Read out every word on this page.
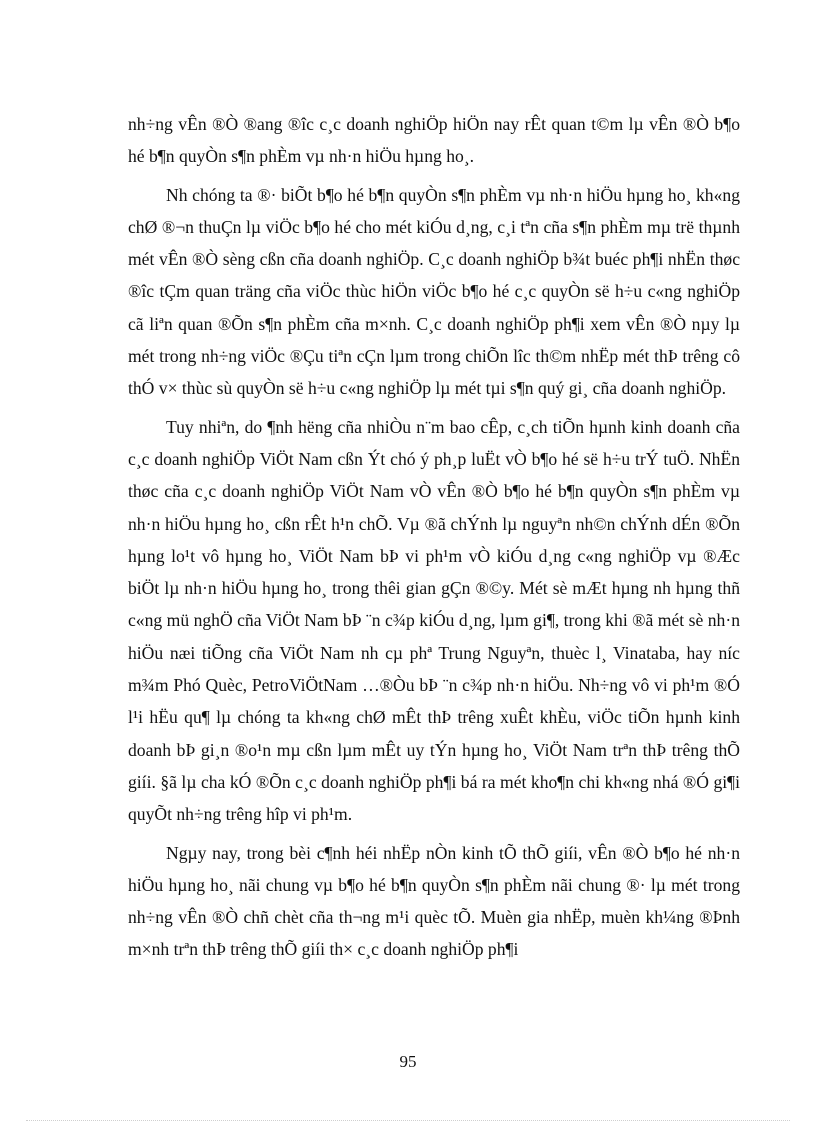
nh÷ng vÊn ®Ò ®ang ®îc c¸c doanh nghiÖp hiÖn nay rÊt quan t©m lµ vÊn ®Ò b¶o hé b¶n quyÒn s¶n phÈm vµ nh·n hiÖu hµng ho¸.

Nh chóng ta ®· biÕt b¶o hé b¶n quyÒn s¶n phÈm vµ nh·n hiÖu hµng ho¸ kh«ng chØ ®¬n thuÇn lµ viÖc b¶o hé cho mét kiÓu d¸ng, c¸i tªn cña s¶n phÈm mµ trë thµnh mét vÊn ®Ò sèng cßn cña doanh nghiÖp. C¸c doanh nghiÖp b¾t buéc ph¶i nhËn thøc ®îc tÇm quan träng cña viÖc thùc hiÖn viÖc b¶o hé c¸c quyÒn së h÷u c«ng nghiÖp cã liªn quan ®Õn s¶n phÈm cña m×nh. C¸c doanh nghiÖp ph¶i xem vÊn ®Ò nµy lµ mét trong nh÷ng viÖc ®Çu tiªn cÇn lµm trong chiÕn lîc th©m nhËp mét thÞ trêng cô thÓ v× thùc sù quyÒn së h÷u c«ng nghiÖp lµ mét tµi s¶n quý gi¸ cña doanh nghiÖp.

Tuy nhiªn, do ¶nh hëng cña nhiÒu n¨m bao cÊp, c¸ch tiÕn hµnh kinh doanh cña c¸c doanh nghiÖp ViÖt Nam cßn Ýt chó ý ph¸p luËt vÒ b¶o hé së h÷u trÝ tuÖ. NhËn thøc cña c¸c doanh nghiÖp ViÖt Nam vÒ vÊn ®Ò b¶o hé b¶n quyÒn s¶n phÈm vµ nh·n hiÖu hµng ho¸ cßn rÊt h¹n chÕ. Vµ ®ã chÝnh lµ nguyªn nh©n chÝnh dÉn ®Õn hµng lo¹t vô hµng ho¸ ViÖt Nam bÞ vi ph¹m vÒ kiÓu d¸ng c«ng nghiÖp vµ ®Æc biÖt lµ nh·n hiÖu hµng ho¸ trong thêi gian gÇn ®©y. Mét sè mÆt hµng nh hµng thñ c«ng mü nghÖ cña ViÖt Nam bÞ ¨n c¾p kiÓu d¸ng, lµm gi¶, trong khi ®ã mét sè nh·n hiÖu næi tiÕng cña ViÖt Nam nh cµ phª Trung Nguyªn, thuèc l¸ Vinataba, hay níc m¾m Phó Quèc, PetroViÖtNam …®Òu bÞ ¨n c¾p nh·n hiÖu. Nh÷ng vô vi ph¹m ®Ó l¹i hËu qu¶ lµ chóng ta kh«ng chØ mÊt thÞ trêng xuÊt khÈu, viÖc tiÕn hµnh kinh doanh bÞ gi¸n ®o¹n mµ cßn lµm mÊt uy tÝn hµng ho¸ ViÖt Nam trªn thÞ trêng thÕ giíi. §ã lµ cha kÓ ®Õn c¸c doanh nghiÖp ph¶i bá ra mét kho¶n chi kh«ng nhá ®Ó gi¶i quyÕt nh÷ng trêng hîp vi ph¹m.

Ngµy nay, trong bèi c¶nh héi nhËp nÒn kinh tÕ thÕ giíi, vÊn ®Ò b¶o hé nh·n hiÖu hµng ho¸ nãi chung vµ b¶o hé b¶n quyÒn s¶n phÈm nãi chung ®· lµ mét trong nh÷ng vÊn ®Ò chñ chèt cña th¬ng m¹i quèc tÕ. Muèn gia nhËp, muèn kh¼ng ®Þnh m×nh trªn thÞ trêng thÕ giíi th× c¸c doanh nghiÖp ph¶i

95
